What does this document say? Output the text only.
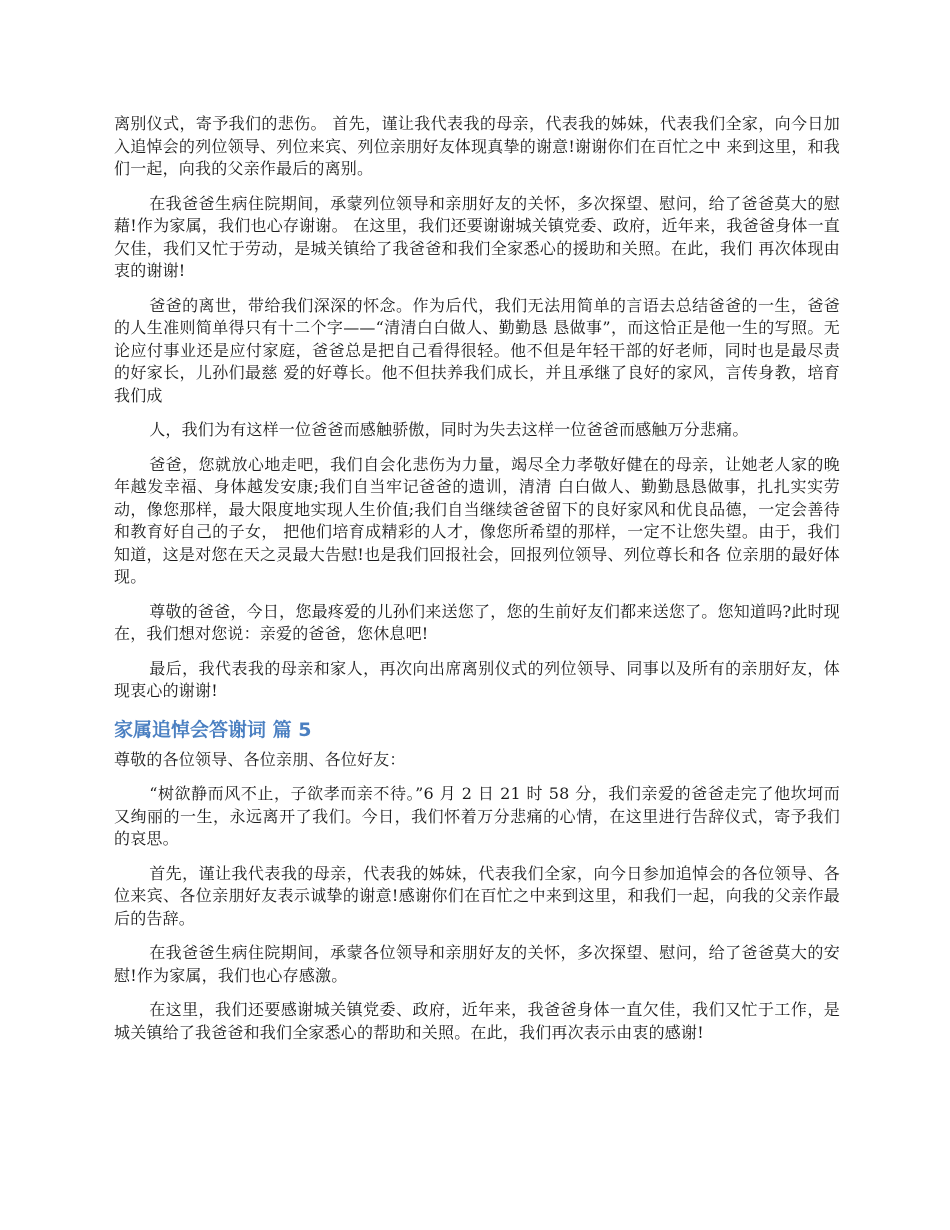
离别仪式，寄予我们的悲伤。 首先，谨让我代表我的母亲，代表我的姊妹，代表我们全家，向今日加入追悼会的列位领导、列位来宾、列位亲朋好友体现真挚的谢意!谢谢你们在百忙之中 来到这里，和我们一起，向我的父亲作最后的离别。

在我爸爸生病住院期间，承蒙列位领导和亲朋好友的关怀，多次探望、慰问，给了爸爸莫大的慰藉!作为家属，我们也心存谢谢。 在这里，我们还要谢谢城关镇党委、政府，近年来，我爸爸身体一直欠佳，我们又忙于劳动，是城关镇给了我爸爸和我们全家悉心的援助和关照。在此，我们 再次体现由衷的谢谢!

爸爸的离世，带给我们深深的怀念。作为后代，我们无法用简单的言语去总结爸爸的一生，爸爸的人生准则简单得只有十二个字——“清清白白做人、勤勤恳 恳做事”，而这恰正是他一生的写照。无论应付事业还是应付家庭，爸爸总是把自己看得很轻。他不但是年轻干部的好老师，同时也是最尽责的好家长，儿孙们最慈 爱的好尊长。他不但扶养我们成长，并且承继了良好的家风，言传身教，培育我们成

人，我们为有这样一位爸爸而感触骄傲，同时为失去这样一位爸爸而感触万分悲痛。

爸爸，您就放心地走吧，我们自会化悲伤为力量，竭尽全力孝敬好健在的母亲，让她老人家的晚年越发幸福、身体越发安康;我们自当牢记爸爸的遗训，清清 白白做人、勤勤恳恳做事，扎扎实实劳动，像您那样，最大限度地实现人生价值;我们自当继续爸爸留下的良好家风和优良品德，一定会善待和教育好自己的子女， 把他们培育成精彩的人才，像您所希望的那样，一定不让您失望。由于，我们知道，这是对您在天之灵最大告慰!也是我们回报社会，回报列位领导、列位尊长和各 位亲朋的最好体现。

尊敬的爸爸，今日，您最疼爱的儿孙们来送您了，您的生前好友们都来送您了。您知道吗?此时现在，我们想对您说：亲爱的爸爸，您休息吧!

最后，我代表我的母亲和家人，再次向出席离别仪式的列位领导、同事以及所有的亲朋好友，体现衷心的谢谢!

家属追悼会答谢词 篇 5

尊敬的各位领导、各位亲朋、各位好友：

“树欲静而风不止，子欲孝而亲不待。”6 月 2 日 21 时 58 分，我们亲爱的爸爸走完了他坎坷而又绚丽的一生，永远离开了我们。今日，我们怀着万分悲痛的心情，在这里进行告辞仪式，寄予我们的哀思。

首先，谨让我代表我的母亲，代表我的姊妹，代表我们全家，向今日参加追悼会的各位领导、各位来宾、各位亲朋好友表示诚挚的谢意!感谢你们在百忙之中来到这里，和我们一起，向我的父亲作最后的告辞。

在我爸爸生病住院期间，承蒙各位领导和亲朋好友的关怀，多次探望、慰问，给了爸爸莫大的安慰!作为家属，我们也心存感激。

在这里，我们还要感谢城关镇党委、政府，近年来，我爸爸身体一直欠佳，我们又忙于工作，是城关镇给了我爸爸和我们全家悉心的帮助和关照。在此，我们再次表示由衷的感谢!
